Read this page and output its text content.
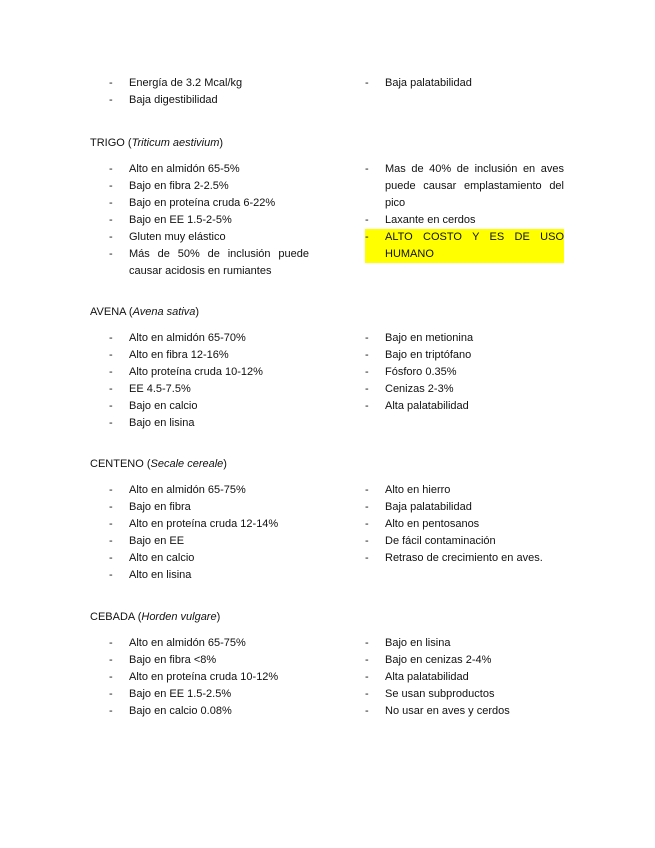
- Energía de 3.2 Mcal/kg
- Baja digestibilidad
- Baja palatabilidad
TRIGO (Triticum aestivium)
- Alto en almidón 65-5%
- Bajo en fibra 2-2.5%
- Bajo en proteína cruda 6-22%
- Bajo en EE 1.5-2-5%
- Gluten muy elástico
- Más de 50% de inclusión puede causar acidosis en rumiantes
- Mas de 40% de inclusión en aves puede causar emplastamiento del pico
- Laxante en cerdos
- ALTO COSTO Y ES DE USO HUMANO
AVENA (Avena sativa)
- Alto en almidón 65-70%
- Alto en fibra 12-16%
- Alto proteína cruda 10-12%
- EE 4.5-7.5%
- Bajo en calcio
- Bajo en lisina
- Bajo en metionina
- Bajo en triptófano
- Fósforo 0.35%
- Cenizas 2-3%
- Alta palatabilidad
CENTENO (Secale cereale)
- Alto en almidón 65-75%
- Bajo en fibra
- Alto en proteína cruda 12-14%
- Bajo en EE
- Alto en calcio
- Alto en lisina
- Alto en hierro
- Baja palatabilidad
- Alto en pentosanos
- De fácil contaminación
- Retraso de crecimiento en aves.
CEBADA (Horden vulgare)
- Alto en almidón 65-75%
- Bajo en fibra <8%
- Alto en proteína cruda 10-12%
- Bajo en EE 1.5-2.5%
- Bajo en calcio 0.08%
- Bajo en lisina
- Bajo en cenizas 2-4%
- Alta palatabilidad
- Se usan subproductos
- No usar en aves y cerdos
